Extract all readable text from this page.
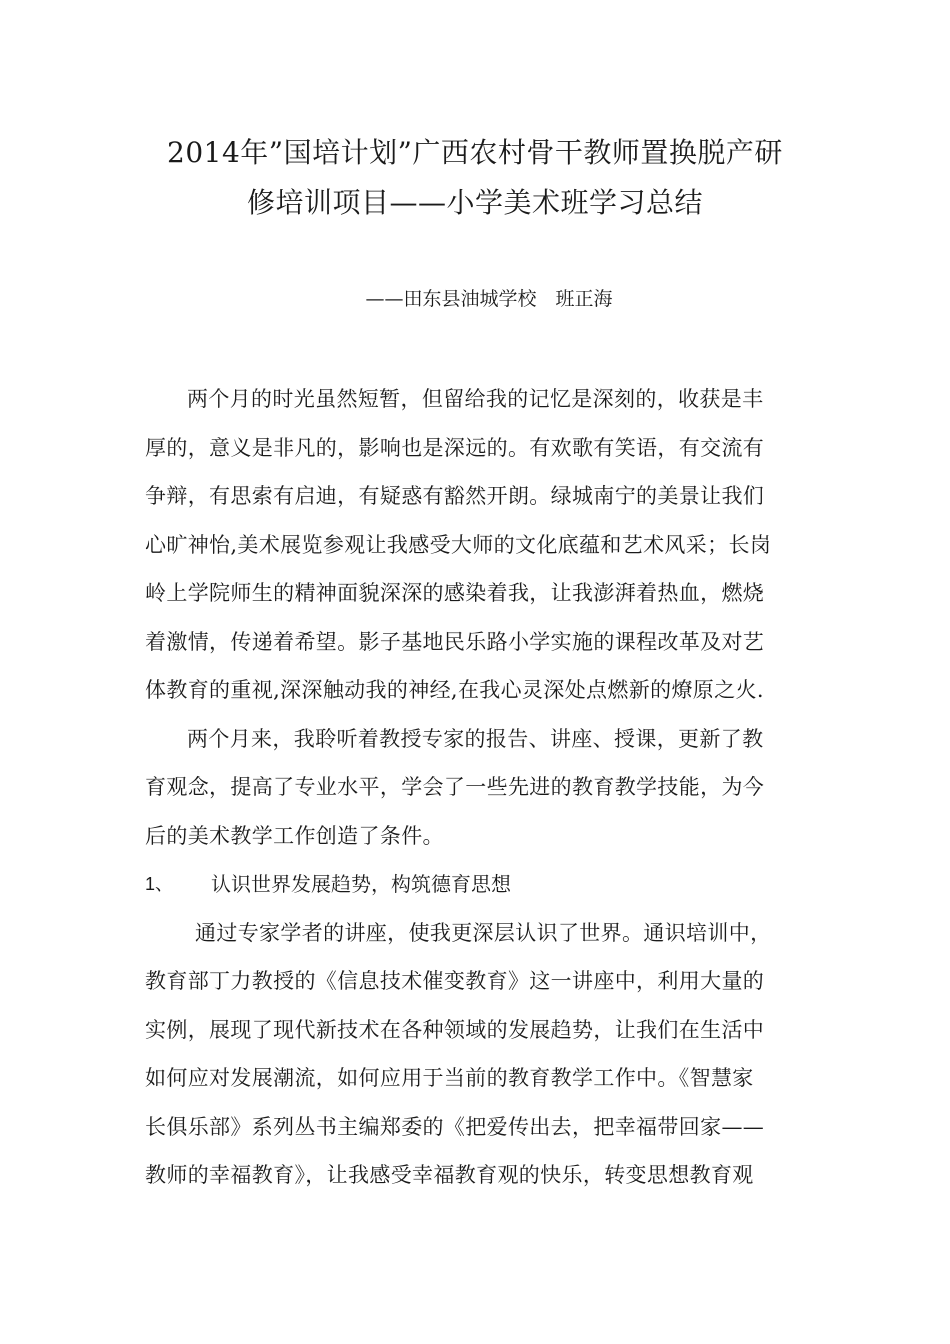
2014年”国培计划”广西农村骨干教师置换脱产研
修培训项目——小学美术班学习总结
——田东县油城学校　班正海
两个月的时光虽然短暂，但留给我的记忆是深刻的，收获是丰
厚的，意义是非凡的，影响也是深远的。有欢歌有笑语，有交流有
争辩，有思索有启迪，有疑惑有豁然开朗。绿城南宁的美景让我们
心旷神怡,美术展览参观让我感受大师的文化底蕴和艺术风采；长岗
岭上学院师生的精神面貌深深的感染着我，让我澎湃着热血，燃烧
着激情，传递着希望。影子基地民乐路小学实施的课程改革及对艺
体教育的重视,深深触动我的神经,在我心灵深处点燃新的燎原之火.
两个月来，我聆听着教授专家的报告、讲座、授课，更新了教
育观念，提高了专业水平，学会了一些先进的教育教学技能，为今
后的美术教学工作创造了条件。
1、	认识世界发展趋势，构筑德育思想
通过专家学者的讲座，使我更深层认识了世界。通识培训中，
教育部丁力教授的《信息技术催变教育》这一讲座中，利用大量的
实例，展现了现代新技术在各种领域的发展趋势，让我们在生活中
如何应对发展潮流，如何应用于当前的教育教学工作中。《智慧家
长俱乐部》系列丛书主编郑委的《把爱传出去，把幸福带回家——
教师的幸福教育》，让我感受幸福教育观的快乐，转变思想教育观
